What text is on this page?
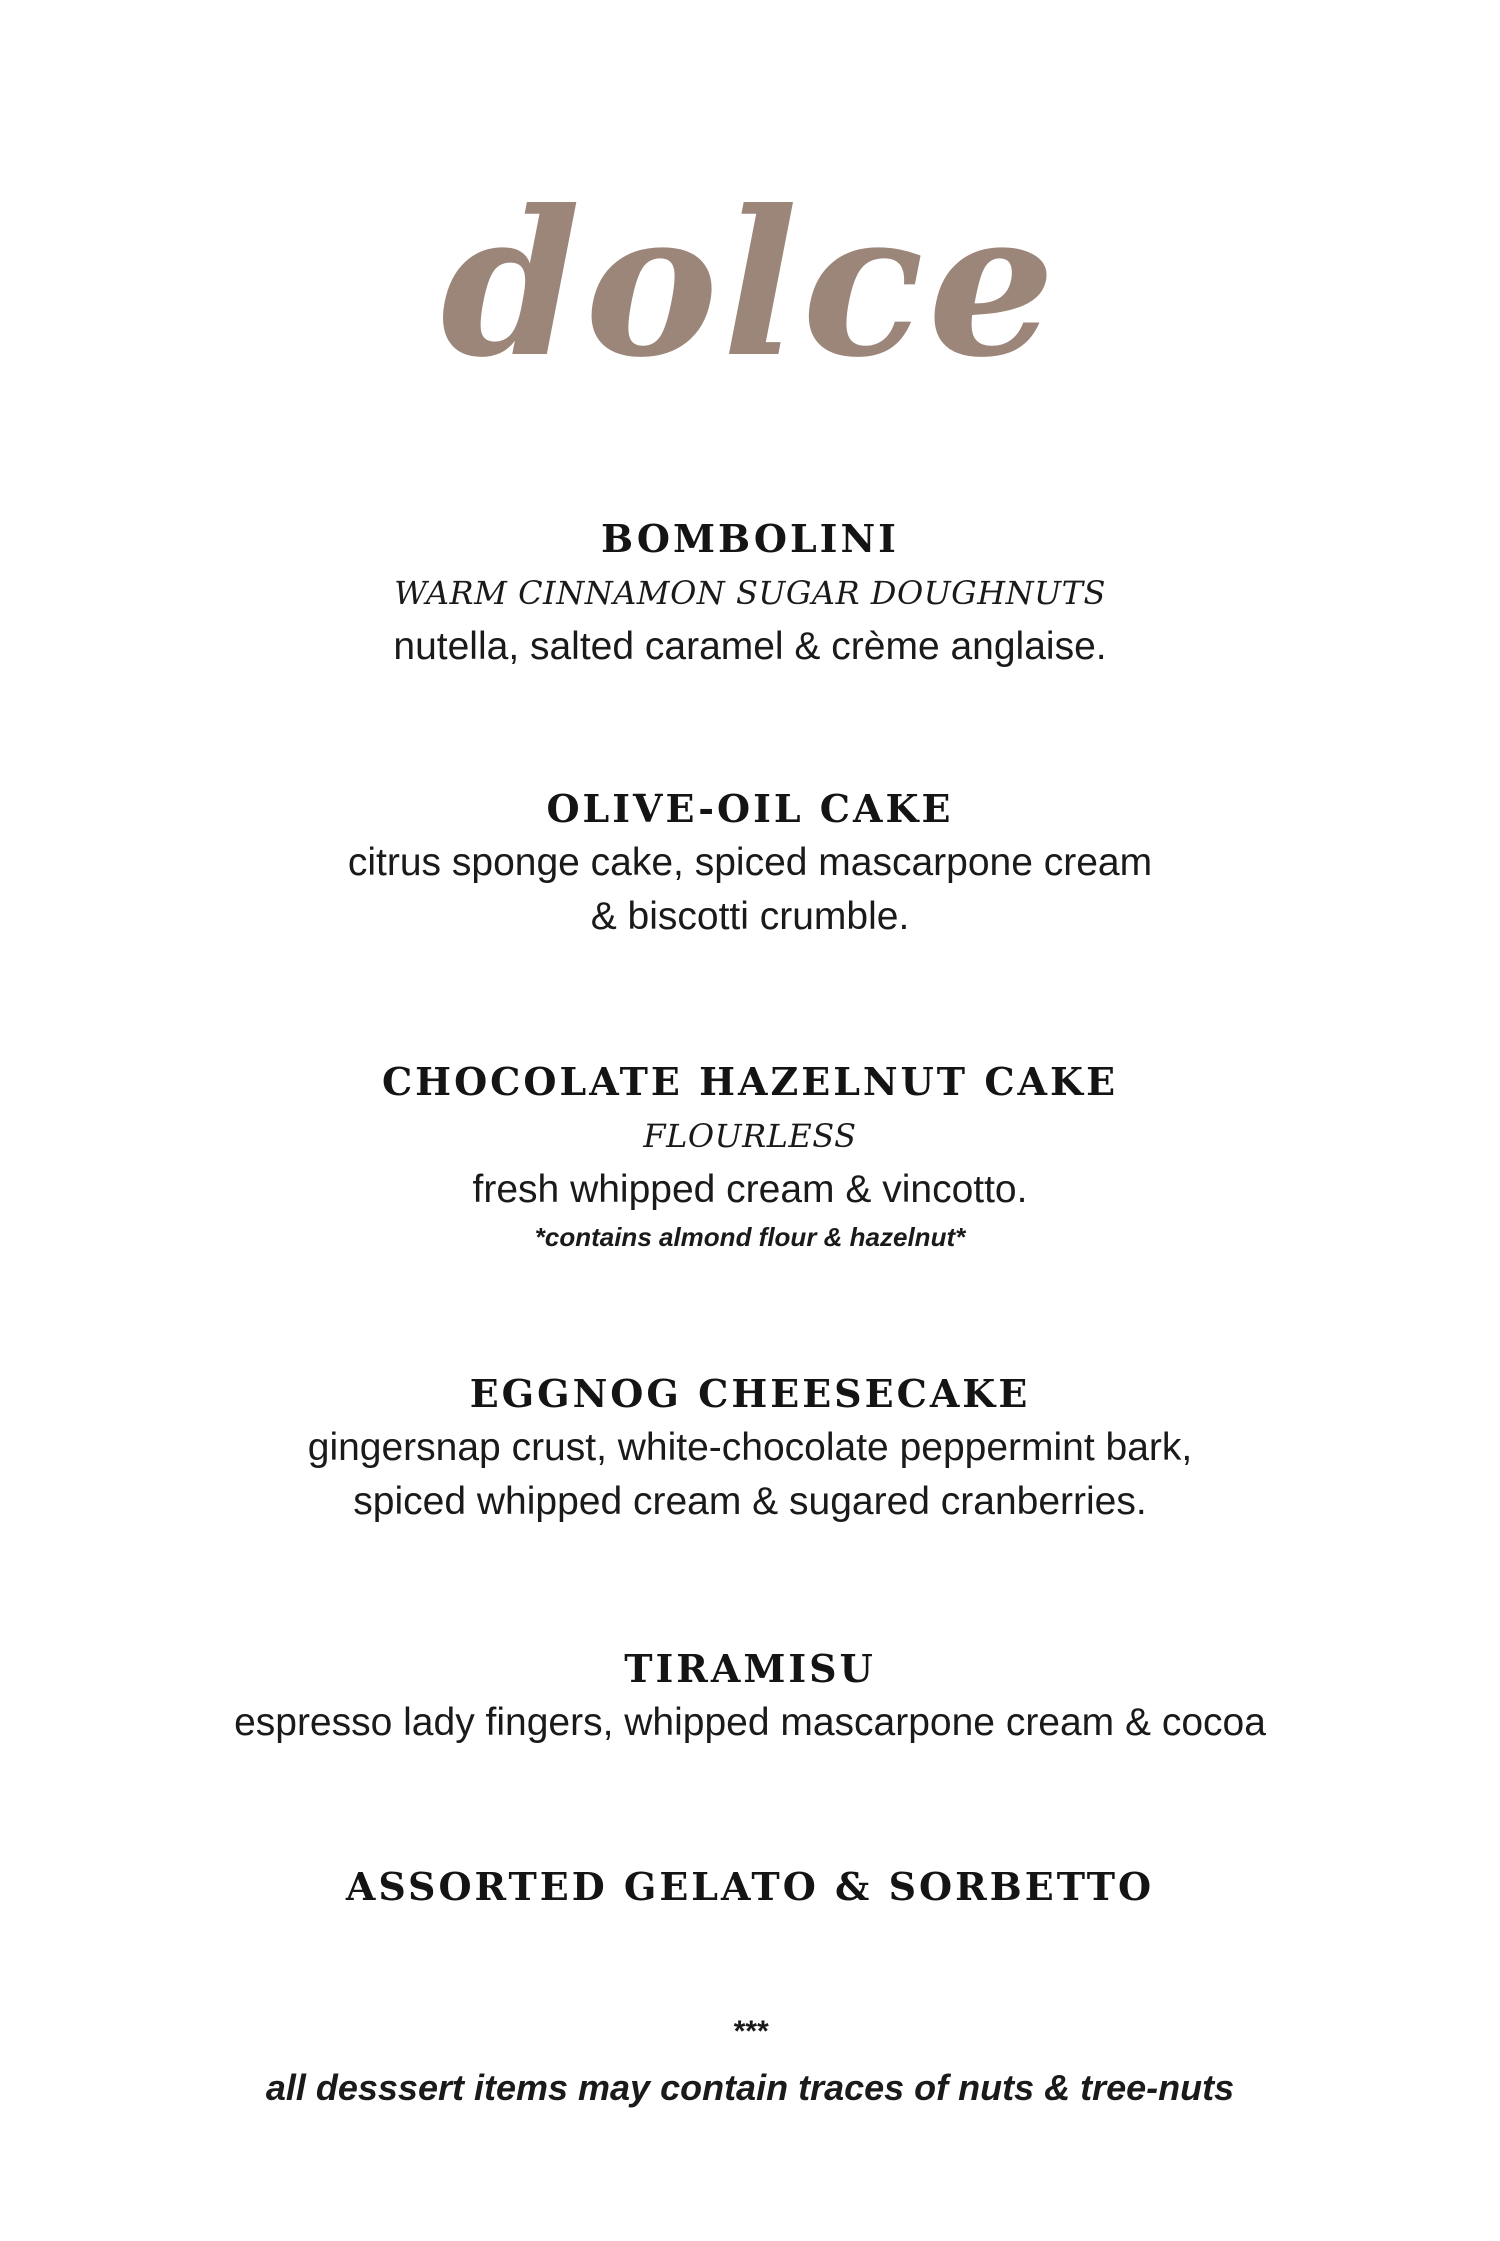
dolce
BOMBOLINI
WARM CINNAMON SUGAR DOUGHNUTS
nutella, salted caramel & crème anglaise.
OLIVE-OIL CAKE
citrus sponge cake, spiced mascarpone cream
& biscotti crumble.
CHOCOLATE HAZELNUT CAKE
FLOURLESS
fresh whipped cream & vincotto.
*contains almond flour & hazelnut*
EGGNOG CHEESECAKE
gingersnap crust, white-chocolate peppermint bark,
spiced whipped cream & sugared cranberries.
TIRAMISU
espresso lady fingers, whipped mascarpone cream & cocoa
ASSORTED GELATO & SORBETTO
***
all desssert items may contain traces of nuts & tree-nuts
